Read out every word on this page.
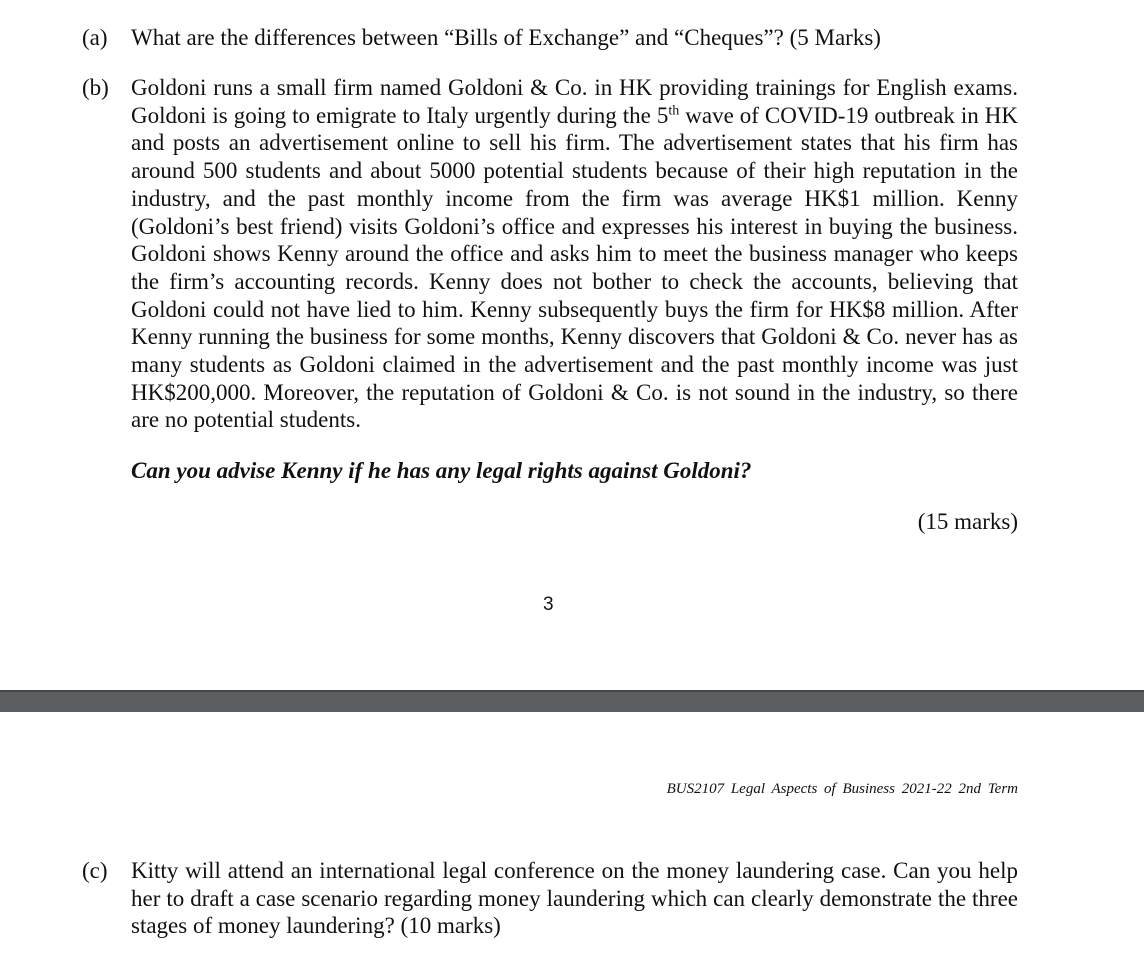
(a) What are the differences between “Bills of Exchange” and “Cheques”? (5 Marks)
(b) Goldoni runs a small firm named Goldoni & Co. in HK providing trainings for English exams. Goldoni is going to emigrate to Italy urgently during the 5th wave of COVID-19 outbreak in HK and posts an advertisement online to sell his firm. The advertisement states that his firm has around 500 students and about 5000 potential students because of their high reputation in the industry, and the past monthly income from the firm was average HK$1 million. Kenny (Goldoni’s best friend) visits Goldoni’s office and expresses his interest in buying the business. Goldoni shows Kenny around the office and asks him to meet the business manager who keeps the firm’s accounting records. Kenny does not bother to check the accounts, believing that Goldoni could not have lied to him. Kenny subsequently buys the firm for HK$8 million. After Kenny running the business for some months, Kenny discovers that Goldoni & Co. never has as many students as Goldoni claimed in the advertisement and the past monthly income was just HK$200,000. Moreover, the reputation of Goldoni & Co. is not sound in the industry, so there are no potential students.
Can you advise Kenny if he has any legal rights against Goldoni?
(15 marks)
3
BUS2107 Legal Aspects of Business 2021-22 2nd Term
(c) Kitty will attend an international legal conference on the money laundering case. Can you help her to draft a case scenario regarding money laundering which can clearly demonstrate the three stages of money laundering? (10 marks)
